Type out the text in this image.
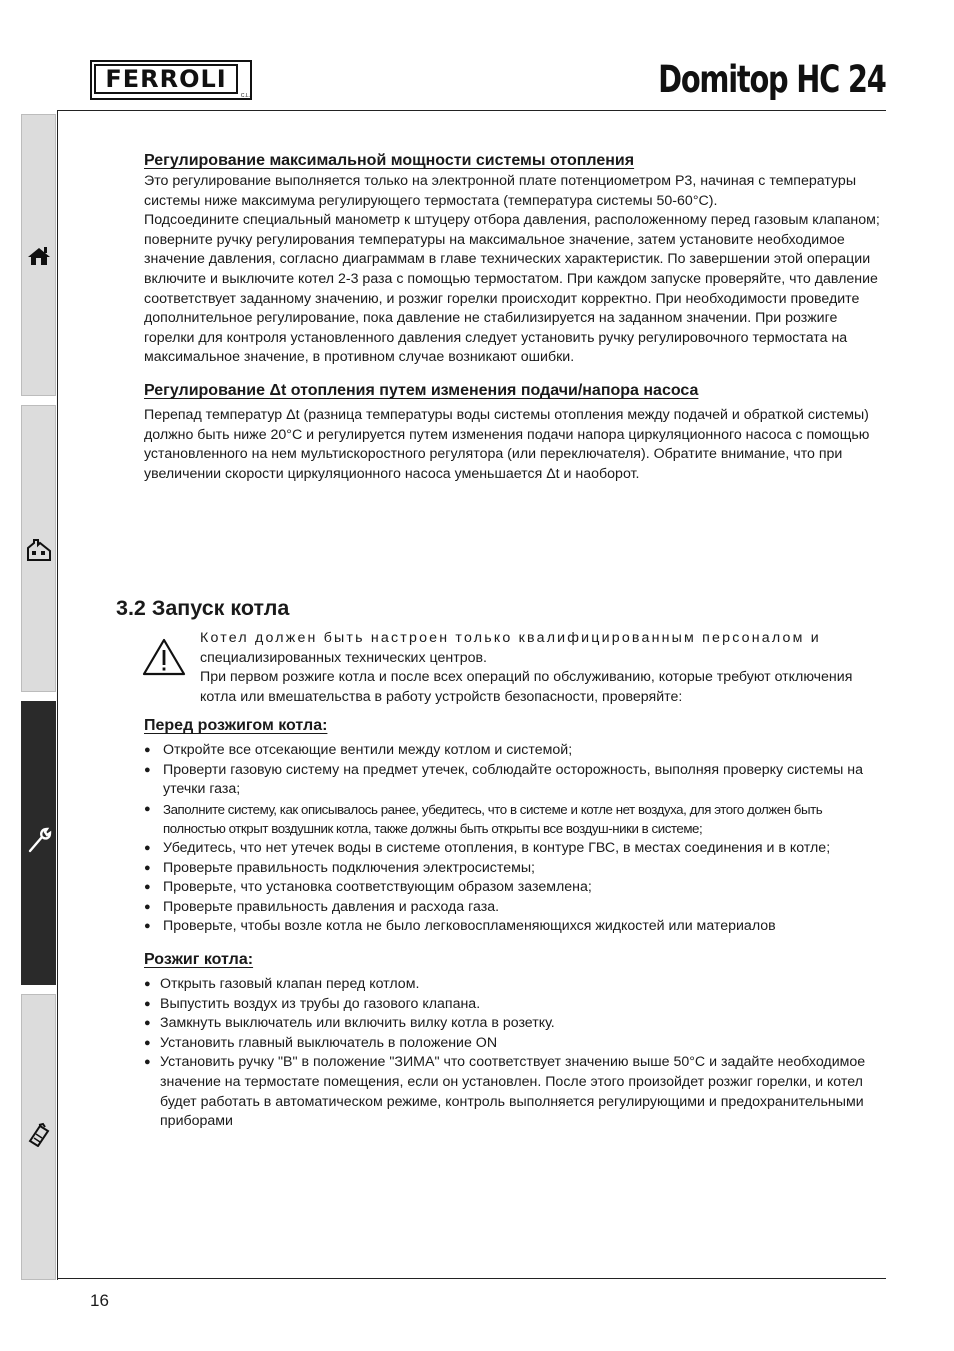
FERROLI
C.L.	Domitop HC 24
Регулирование максимальной мощности системы отопления

Это регулирование выполняется только на электронной плате потенциометром P3, начиная с температуры системы ниже максимума регулирующего термостата (температура системы 50-60°С).

Подсоедините специальный манометр к штуцеру отбора давления, расположенному перед газовым клапаном; поверните ручку регулирования температуры на максимальное значение, затем установите необходимое значение давления, согласно диаграммам в главе технических характеристик. По завершении этой операции включите и выключите котел 2-3 раза с помощью термостатом. При каждом запуске проверяйте, что давление соответствует заданному значению, и розжиг горелки происходит корректно. При необходимости проведите дополнительное регулирование, пока давление не стабилизируется на заданном значении. При розжиге горелки для контроля установленного давления следует установить ручку регулировочного термостата на максимальное значение, в противном случае возникают ошибки.

Регулирование Δt отопления путем изменения подачи/напора насоса

Перепад температур Δt (разница температуры воды системы отопления между подачей и обраткой системы) должно быть ниже 20°С и регулируется путем изменения подачи напора циркуляционного насоса с помощью установленного на нем мультискоростного регулятора (или переключателя). Обратите внимание, что при увеличении скорости циркуляционного насоса уменьшается Δt и наоборот.

3.2 Запуск котла

Котел должен быть настроен только квалифицированным персоналом и

специализированных технических центров.

При первом розжиге котла и после всех операций по обслуживанию, которые требуют отключения котла или вмешательства в работу устройств безопасности, проверяйте:

Перед розжигом котла:
● Откройте все отсекающие вентили между котлом и системой;
● Проверти газовую систему на предмет утечек, соблюдайте осторожность, выполняя проверку системы на утечки газа;
● Заполните систему, как описывалось ранее, убедитесь, что в системе и котле нет воздуха, для этого должен быть полностью открыт воздушник котла, также должны быть открыты все воздуш-ники в системе;
● Убедитесь, что нет утечек воды в системе отопления, в контуре ГВС, в местах соединения и в котле;
● Проверьте правильность подключения электросистемы;
● Проверьте, что установка соответствующим образом заземлена;
● Проверьте правильность давления и расхода газа.
● Проверьте, чтобы возле котла не было легковоспламеняющихся жидкостей или материалов
Розжиг котла:
● Открыть газовый клапан перед котлом.
● Выпустить воздух из трубы до газового клапана.
● Замкнуть выключатель или включить вилку котла в розетку.
● Установить главный выключатель в положение ON
● Установить ручку "В" в положение "ЗИМА" что соответствует значению выше 50°С и задайте необходимое значение на термостате помещения, если он установлен. После этого произойдет розжиг горелки, и котел будет работать в автоматическом режиме, контроль выполняется регулирующими и предохранительными приборами
16
